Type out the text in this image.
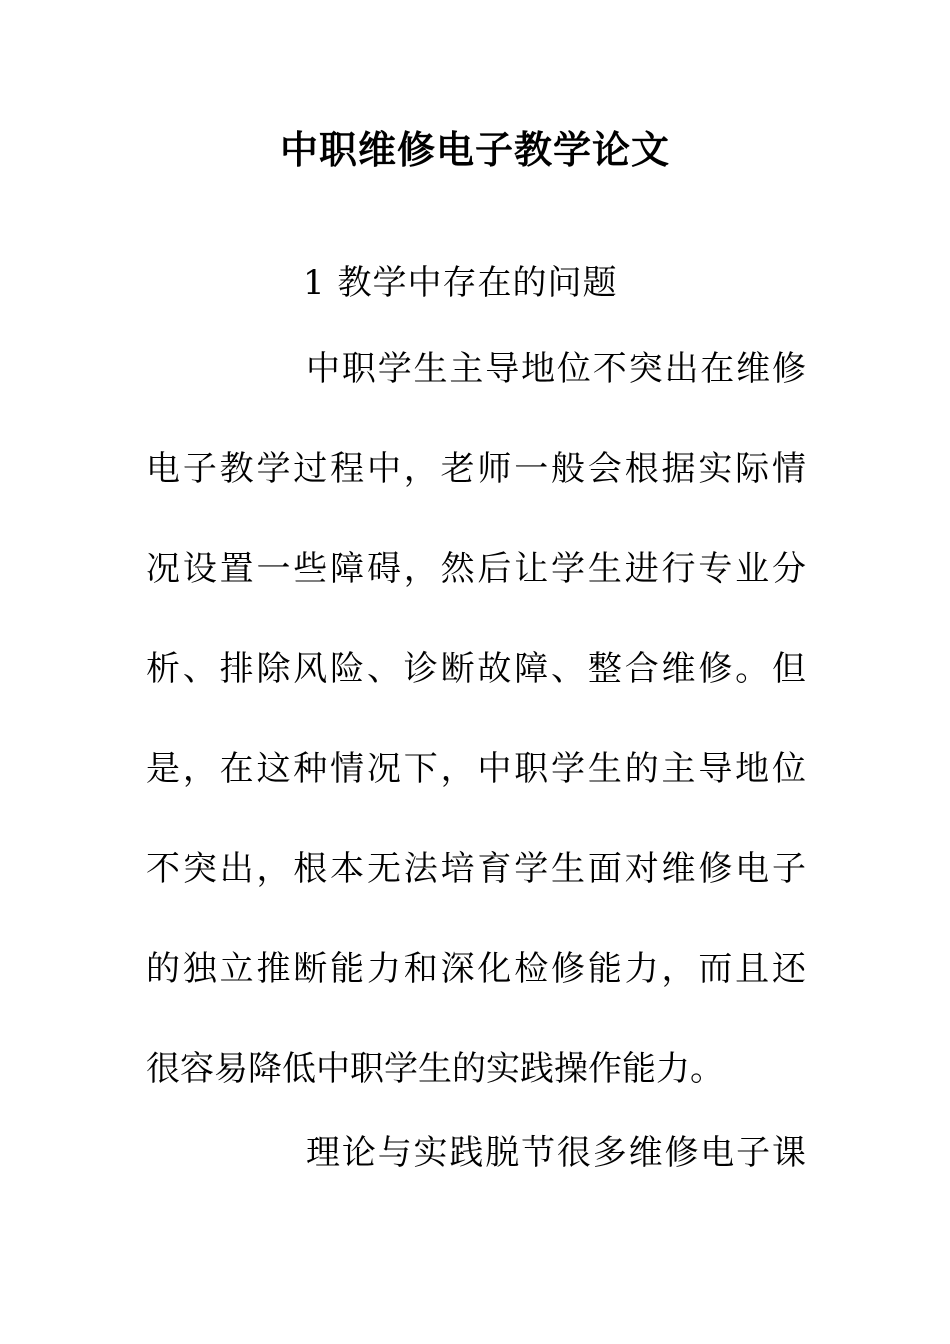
中职维修电子教学论文
1 教学中存在的问题
中职学生主导地位不突出在维修
电子教学过程中，老师一般会根据实际情
况设置一些障碍，然后让学生进行专业分
析、排除风险、诊断故障、整合维修。但
是，在这种情况下，中职学生的主导地位
不突出，根本无法培育学生面对维修电子
的独立推断能力和深化检修能力，而且还
很容易降低中职学生的实践操作能力。
理论与实践脱节很多维修电子课
